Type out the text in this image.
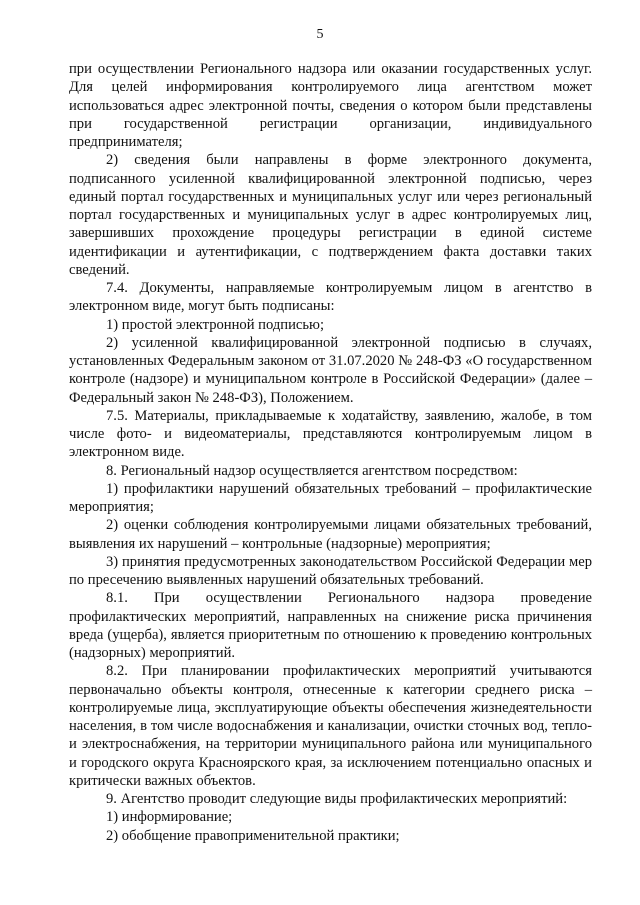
5

при осуществлении Регионального надзора или оказании государственных услуг. Для целей информирования контролируемого лица агентством может использоваться адрес электронной почты, сведения о котором были представлены при государственной регистрации организации, индивидуального предпринимателя;

2) сведения были направлены в форме электронного документа, подписанного усиленной квалифицированной электронной подписью, через единый портал государственных и муниципальных услуг или через региональный портал государственных и муниципальных услуг в адрес контролируемых лиц, завершивших прохождение процедуры регистрации в единой системе идентификации и аутентификации, с подтверждением факта доставки таких сведений.

7.4. Документы, направляемые контролируемым лицом в агентство в электронном виде, могут быть подписаны:

1) простой электронной подписью;

2) усиленной квалифицированной электронной подписью в случаях, установленных Федеральным законом от 31.07.2020 № 248-ФЗ «О государственном контроле (надзоре) и муниципальном контроле в Российской Федерации» (далее – Федеральный закон № 248-ФЗ), Положением.

7.5. Материалы, прикладываемые к ходатайству, заявлению, жалобе, в том числе фото- и видеоматериалы, представляются контролируемым лицом в электронном виде.

8. Региональный надзор осуществляется агентством посредством:

1) профилактики нарушений обязательных требований – профилактические мероприятия;

2) оценки соблюдения контролируемыми лицами обязательных требований, выявления их нарушений – контрольные (надзорные) мероприятия;

3) принятия предусмотренных законодательством Российской Федерации мер по пресечению выявленных нарушений обязательных требований.

8.1. При осуществлении Регионального надзора проведение профилактических мероприятий, направленных на снижение риска причинения вреда (ущерба), является приоритетным по отношению к проведению контрольных (надзорных) мероприятий.

8.2. При планировании профилактических мероприятий учитываются первоначально объекты контроля, отнесенные к категории среднего риска – контролируемые лица, эксплуатирующие объекты обеспечения жизнедеятельности населения, в том числе водоснабжения и канализации, очистки сточных вод, тепло- и электроснабжения, на территории муниципального района или муниципального и городского округа Красноярского края, за исключением потенциально опасных и критически важных объектов.

9. Агентство проводит следующие виды профилактических мероприятий:

1) информирование;

2) обобщение правоприменительной практики;
